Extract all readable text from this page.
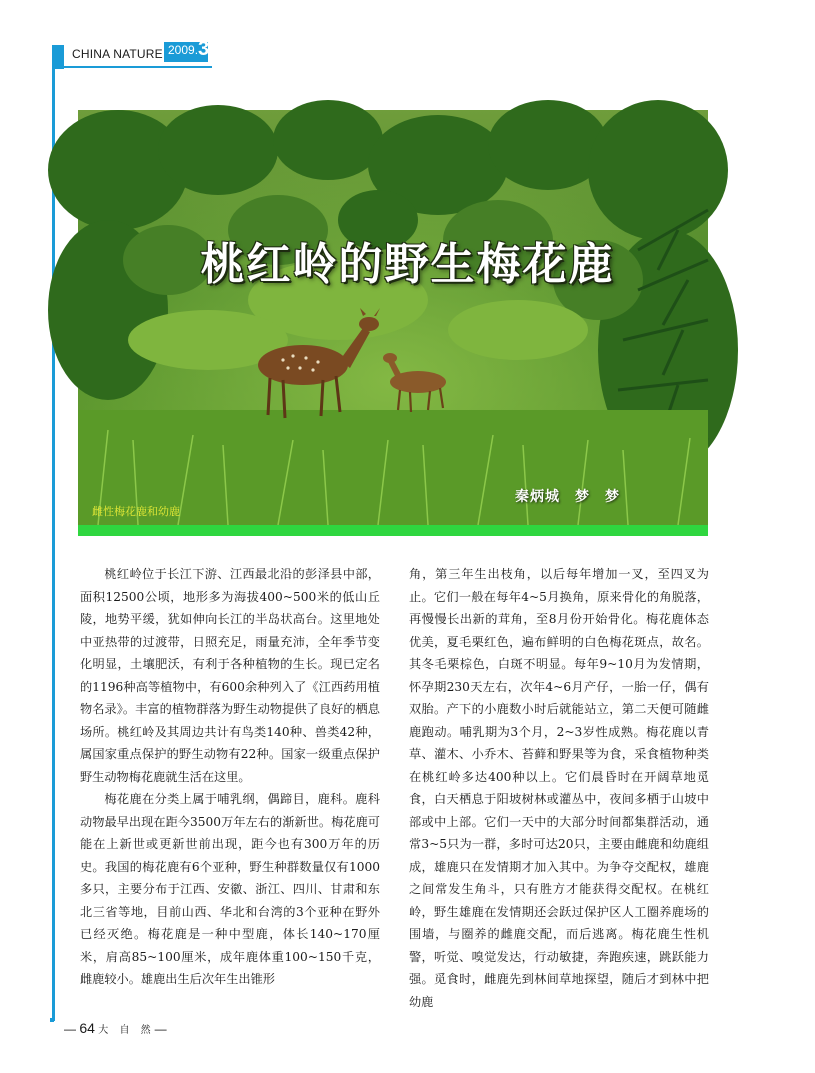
CHINA NATURE 2009. 3
桃红岭的野生梅花鹿
雌性梅花鹿和幼鹿
秦炳城　梦　梦

桃红岭位于长江下游、江西最北沿的彭泽县中部，面积12500公顷，地形多为海拔400~500米的低山丘陵，地势平缓，犹如伸向长江的半岛状高台。这里地处中亚热带的过渡带，日照充足，雨量充沛，全年季节变化明显，土壤肥沃，有利于各种植物的生长。现已定名的1196种高等植物中，有600余种列入了《江西药用植物名录》。丰富的植物群落为野生动物提供了良好的栖息场所。桃红岭及其周边共计有鸟类140种、兽类42种，属国家重点保护的野生动物有22种。国家一级重点保护野生动物梅花鹿就生活在这里。

梅花鹿在分类上属于哺乳纲，偶蹄目，鹿科。鹿科动物最早出现在距今3500万年左右的渐新世。梅花鹿可能在上新世或更新世前出现，距今也有300万年的历史。我国的梅花鹿有6个亚种，野生种群数量仅有1000多只，主要分布于江西、安徽、浙江、四川、甘肃和东北三省等地，目前山西、华北和台湾的3个亚种在野外已经灭绝。梅花鹿是一种中型鹿，体长140~170厘米，肩高85~100厘米，成年鹿体重100~150千克，雌鹿较小。雄鹿出生后次年生出锥形

角，第三年生出枝角，以后每年增加一叉，至四叉为止。它们一般在每年4~5月换角，原来骨化的角脱落，再慢慢长出新的茸角，至8月份开始骨化。梅花鹿体态优美，夏毛栗红色，遍布鲜明的白色梅花斑点，故名。其冬毛栗棕色，白斑不明显。每年9~10月为发情期，怀孕期230天左右，次年4~6月产仔，一胎一仔，偶有双胎。产下的小鹿数小时后就能站立，第二天便可随雌鹿跑动。哺乳期为3个月，2~3岁性成熟。梅花鹿以青草、灌木、小乔木、苔藓和野果等为食，采食植物种类在桃红岭多达400种以上。它们晨昏时在开阔草地觅食，白天栖息于阳坡树林或灌丛中，夜间多栖于山坡中部或中上部。它们一天中的大部分时间都集群活动，通常3~5只为一群，多时可达20只，主要由雌鹿和幼鹿组成，雄鹿只在发情期才加入其中。为争夺交配权，雄鹿之间常发生角斗，只有胜方才能获得交配权。在桃红岭，野生雄鹿在发情期还会跃过保护区人工圈养鹿场的围墙，与圈养的雌鹿交配，而后逃离。梅花鹿生性机警，听觉、嗅觉发达，行动敏捷，奔跑疾速，跳跃能力强。觅食时，雌鹿先到林间草地探望，随后才到林中把幼鹿

— 64 大 自 然—
